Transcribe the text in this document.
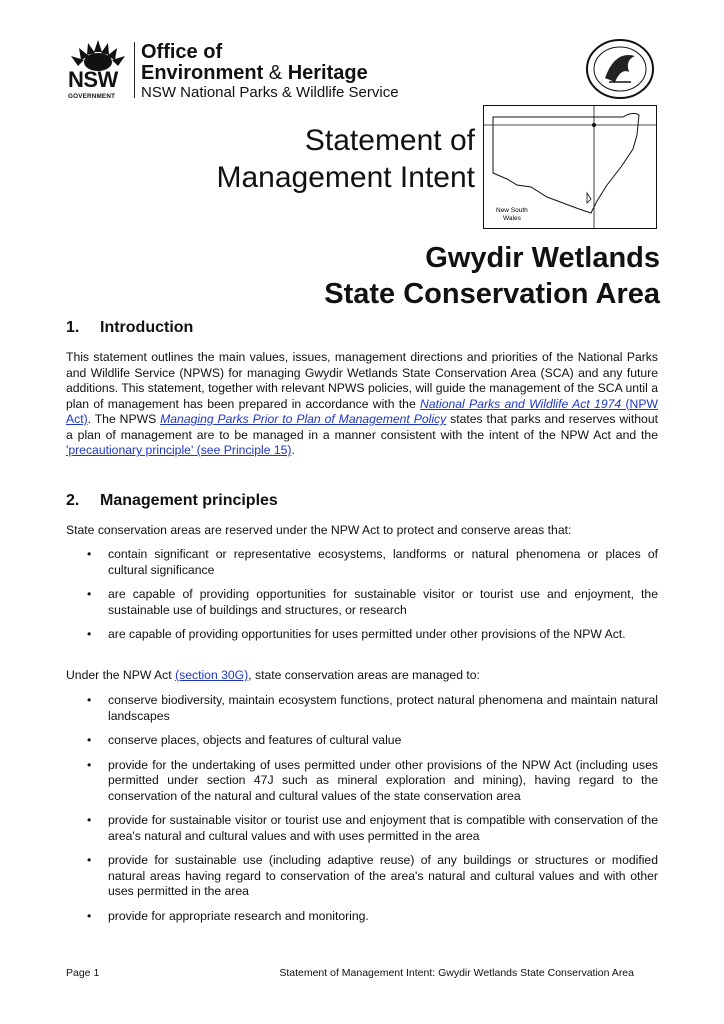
NSW
GOVERNMENT
Office of
Environment & Heritage
NSW National Parks & Wildlife Service
Statement of
Management Intent
New South
Wales
Gwydir Wetlands
State Conservation Area
1. Introduction

This statement outlines the main values, issues, management directions and priorities of the National Parks and Wildlife Service (NPWS) for managing Gwydir Wetlands State Conservation Area (SCA) and any future additions. This statement, together with relevant NPWS policies, will guide the management of the SCA until a plan of management has been prepared in accordance with the National Parks and Wildlife Act 1974 (NPW Act). The NPWS Managing Parks Prior to Plan of Management Policy states that parks and reserves without a plan of management are to be managed in a manner consistent with the intent of the NPW Act and the 'precautionary principle' (see Principle 15).

2. Management principles

State conservation areas are reserved under the NPW Act to protect and conserve areas that:

• contain significant or representative ecosystems, landforms or natural phenomena or places of cultural significance
• are capable of providing opportunities for sustainable visitor or tourist use and enjoyment, the sustainable use of buildings and structures, or research
• are capable of providing opportunities for uses permitted under other provisions of the NPW Act.

Under the NPW Act (section 30G), state conservation areas are managed to:

• conserve biodiversity, maintain ecosystem functions, protect natural phenomena and maintain natural landscapes
• conserve places, objects and features of cultural value
• provide for the undertaking of uses permitted under other provisions of the NPW Act (including uses permitted under section 47J such as mineral exploration and mining), having regard to the conservation of the natural and cultural values of the state conservation area
• provide for sustainable visitor or tourist use and enjoyment that is compatible with conservation of the area's natural and cultural values and with uses permitted in the area
• provide for sustainable use (including adaptive reuse) of any buildings or structures or modified natural areas having regard to conservation of the area's natural and cultural values and with other uses permitted in the area
• provide for appropriate research and monitoring.
Page 1	Statement of Management Intent: Gwydir Wetlands State Conservation Area
